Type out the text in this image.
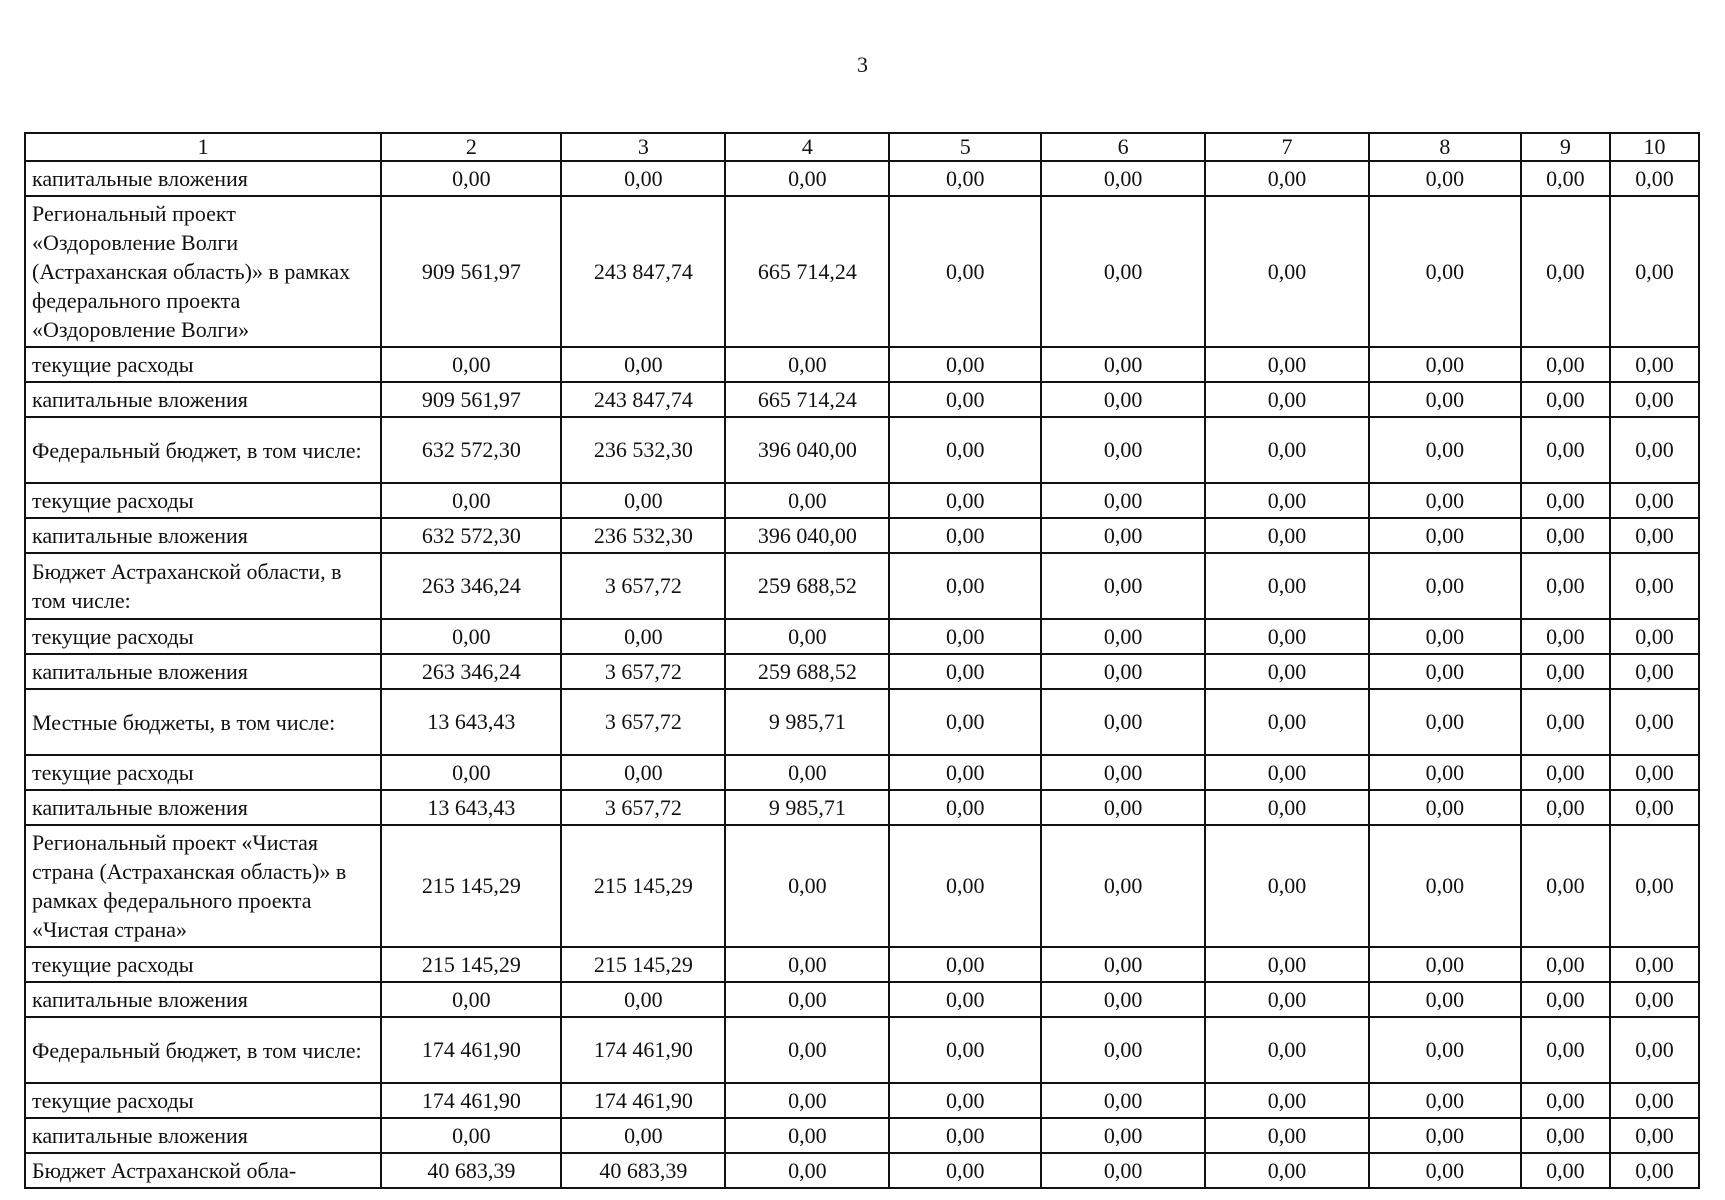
3
1	2	3	4	5	6	7	8	9	10
капитальные вложения	0,00	0,00	0,00	0,00	0,00	0,00	0,00	0,00	0,00
Региональный проект «Оздоровление Волги (Астраханская область)» в рамках федерального проекта «Оздоровление Волги»	909 561,97	243 847,74	665 714,24	0,00	0,00	0,00	0,00	0,00	0,00
текущие расходы	0,00	0,00	0,00	0,00	0,00	0,00	0,00	0,00	0,00
капитальные вложения	909 561,97	243 847,74	665 714,24	0,00	0,00	0,00	0,00	0,00	0,00
Федеральный бюджет, в том числе:	632 572,30	236 532,30	396 040,00	0,00	0,00	0,00	0,00	0,00	0,00
текущие расходы	0,00	0,00	0,00	0,00	0,00	0,00	0,00	0,00	0,00
капитальные вложения	632 572,30	236 532,30	396 040,00	0,00	0,00	0,00	0,00	0,00	0,00
Бюджет Астраханской области, в том числе:	263 346,24	3 657,72	259 688,52	0,00	0,00	0,00	0,00	0,00	0,00
текущие расходы	0,00	0,00	0,00	0,00	0,00	0,00	0,00	0,00	0,00
капитальные вложения	263 346,24	3 657,72	259 688,52	0,00	0,00	0,00	0,00	0,00	0,00
Местные бюджеты, в том числе:	13 643,43	3 657,72	9 985,71	0,00	0,00	0,00	0,00	0,00	0,00
текущие расходы	0,00	0,00	0,00	0,00	0,00	0,00	0,00	0,00	0,00
капитальные вложения	13 643,43	3 657,72	9 985,71	0,00	0,00	0,00	0,00	0,00	0,00
Региональный проект «Чистая страна (Астраханская область)» в рамках федерального проекта «Чистая страна»	215 145,29	215 145,29	0,00	0,00	0,00	0,00	0,00	0,00	0,00
текущие расходы	215 145,29	215 145,29	0,00	0,00	0,00	0,00	0,00	0,00	0,00
капитальные вложения	0,00	0,00	0,00	0,00	0,00	0,00	0,00	0,00	0,00
Федеральный бюджет, в том числе:	174 461,90	174 461,90	0,00	0,00	0,00	0,00	0,00	0,00	0,00
текущие расходы	174 461,90	174 461,90	0,00	0,00	0,00	0,00	0,00	0,00	0,00
капитальные вложения	0,00	0,00	0,00	0,00	0,00	0,00	0,00	0,00	0,00
Бюджет Астраханской обла-	40 683,39	40 683,39	0,00	0,00	0,00	0,00	0,00	0,00	0,00
